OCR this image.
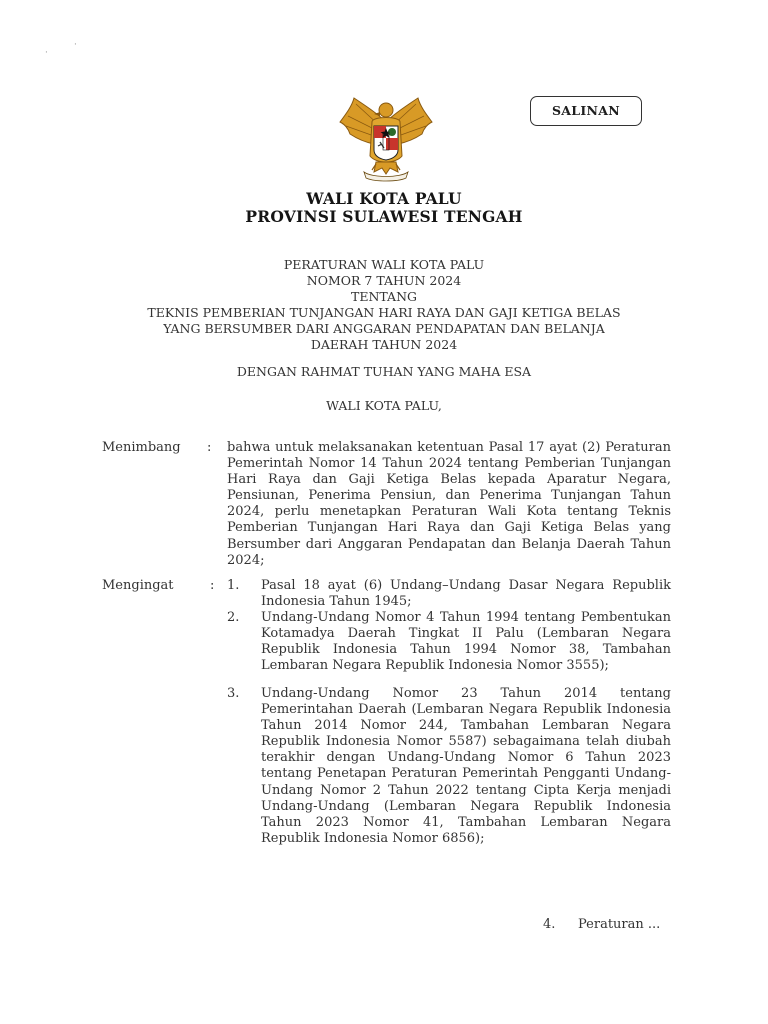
·
·
SALINAN
WALI KOTA PALU
PROVINSI SULAWESI TENGAH
PERATURAN WALI KOTA PALU
NOMOR 7 TAHUN 2024
TENTANG
TEKNIS PEMBERIAN TUNJANGAN HARI RAYA DAN GAJI KETIGA BELAS
YANG BERSUMBER DARI ANGGARAN PENDAPATAN DAN BELANJA
DAERAH TAHUN 2024
DENGAN RAHMAT TUHAN YANG MAHA ESA
WALI KOTA PALU,
Menimbang : bahwa untuk melaksanakan ketentuan Pasal 17 ayat (2) Peraturan Pemerintah Nomor 14 Tahun 2024 tentang Pemberian Tunjangan Hari Raya dan Gaji Ketiga Belas kepada Aparatur Negara, Pensiunan, Penerima Pensiun, dan Penerima Tunjangan Tahun 2024, perlu menetapkan Peraturan Wali Kota tentang Teknis Pemberian Tunjangan Hari Raya dan Gaji Ketiga Belas yang Bersumber dari Anggaran Pendapatan dan Belanja Daerah Tahun 2024;
Mengingat	: 1. Pasal 18 ayat (6) Undang–Undang Dasar Negara Republik Indonesia Tahun 1945;
2. Undang-Undang Nomor 4 Tahun 1994 tentang Pembentukan Kotamadya Daerah Tingkat II Palu (Lembaran Negara Republik Indonesia Tahun 1994 Nomor 38, Tambahan Lembaran Negara Republik Indonesia Nomor 3555);
3. Undang-Undang Nomor 23 Tahun 2014 tentang Pemerintahan Daerah (Lembaran Negara Republik Indonesia Tahun 2014 Nomor 244, Tambahan Lembaran Negara Republik Indonesia Nomor 5587) sebagaimana telah diubah terakhir dengan Undang-Undang Nomor 6 Tahun 2023 tentang Penetapan Peraturan Pemerintah Pengganti Undang-Undang Nomor 2 Tahun 2022 tentang Cipta Kerja menjadi Undang-Undang (Lembaran Negara Republik Indonesia Tahun 2023 Nomor 41, Tambahan Lembaran Negara Republik Indonesia Nomor 6856);
4. Peraturan ...
